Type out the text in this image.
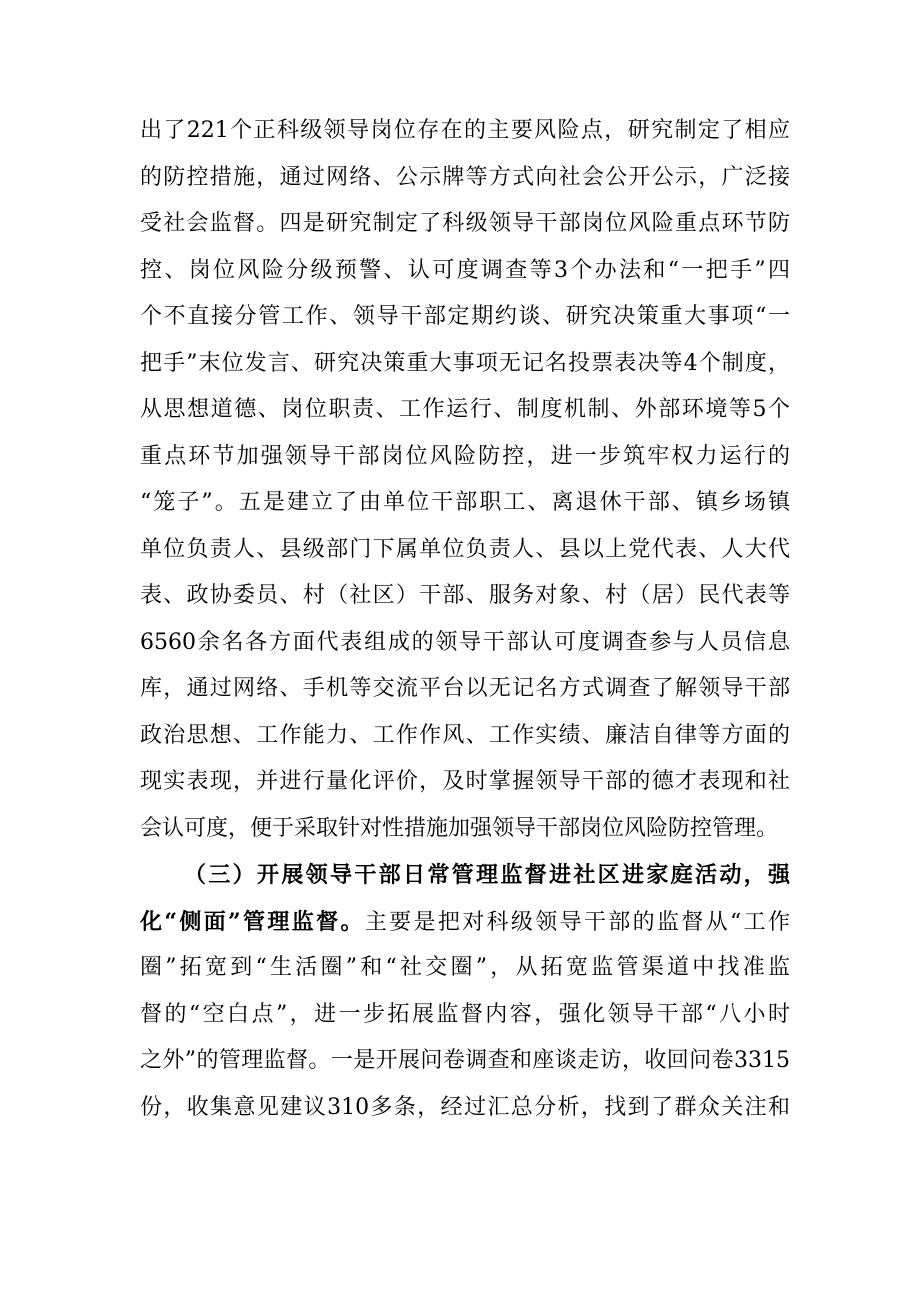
出了221个正科级领导岗位存在的主要风险点，研究制定了相应
的防控措施，通过网络、公示牌等方式向社会公开公示，广泛接
受社会监督。四是研究制定了科级领导干部岗位风险重点环节防
控、岗位风险分级预警、认可度调查等3个办法和“一把手”四
个不直接分管工作、领导干部定期约谈、研究决策重大事项“一
把手”末位发言、研究决策重大事项无记名投票表决等4个制度，
从思想道德、岗位职责、工作运行、制度机制、外部环境等5个
重点环节加强领导干部岗位风险防控，进一步筑牢权力运行的
“笼子”。五是建立了由单位干部职工、离退休干部、镇乡场镇
单位负责人、县级部门下属单位负责人、县以上党代表、人大代
表、政协委员、村（社区）干部、服务对象、村（居）民代表等
6560余名各方面代表组成的领导干部认可度调查参与人员信息
库，通过网络、手机等交流平台以无记名方式调查了解领导干部
政治思想、工作能力、工作作风、工作实绩、廉洁自律等方面的
现实表现，并进行量化评价，及时掌握领导干部的德才表现和社
会认可度，便于采取针对性措施加强领导干部岗位风险防控管理。
（三）开展领导干部日常管理监督进社区进家庭活动，强
化“侧面”管理监督。主要是把对科级领导干部的监督从“工作
圈”拓宽到“生活圈”和“社交圈”，从拓宽监管渠道中找准监
督的“空白点”，进一步拓展监督内容，强化领导干部“八小时
之外”的管理监督。一是开展问卷调查和座谈走访，收回问卷3315
份，收集意见建议310多条，经过汇总分析，找到了群众关注和
